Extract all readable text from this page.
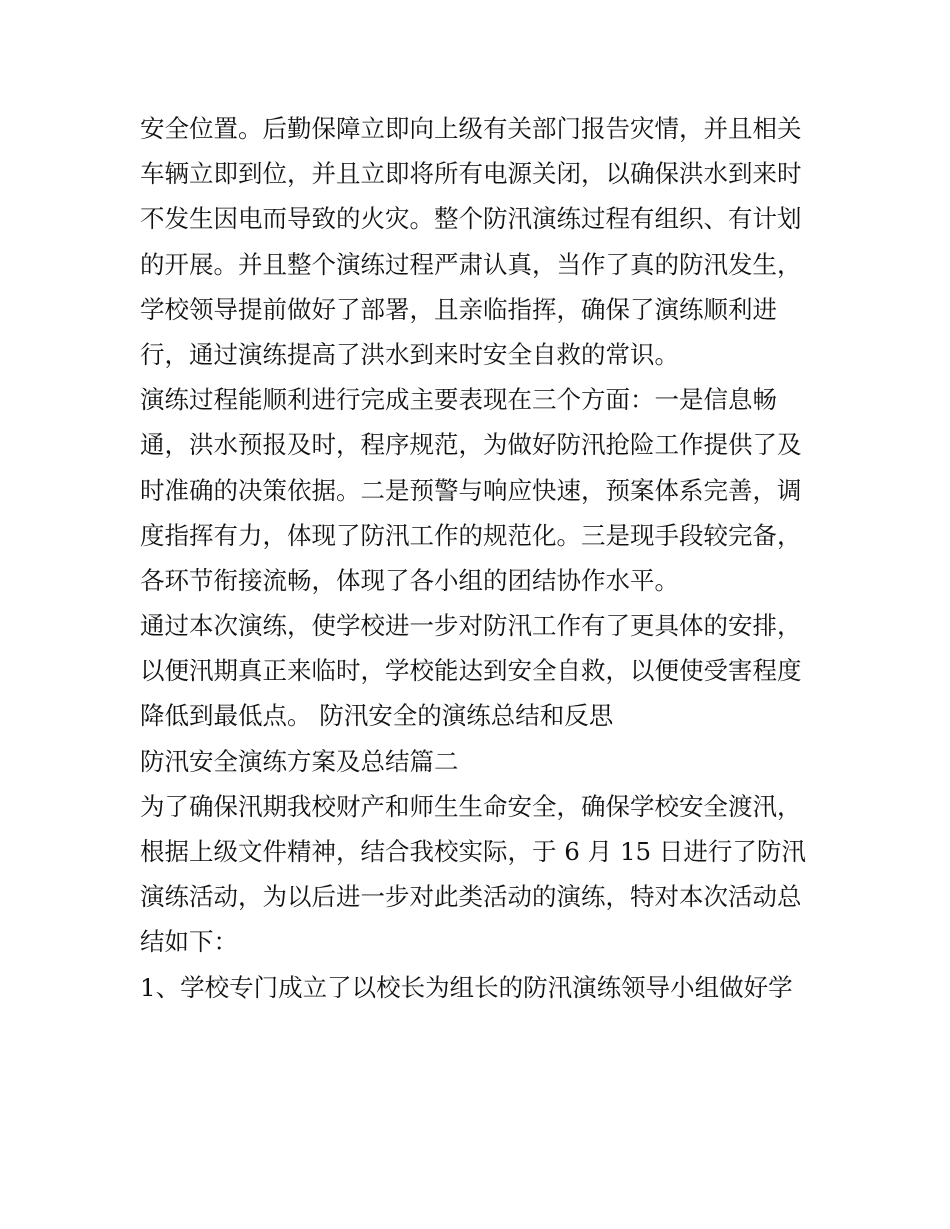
安全位置。后勤保障立即向上级有关部门报告灾情，并且相关
车辆立即到位，并且立即将所有电源关闭，以确保洪水到来时
不发生因电而导致的火灾。整个防汛演练过程有组织、有计划
的开展。并且整个演练过程严肃认真，当作了真的防汛发生，
学校领导提前做好了部署，且亲临指挥，确保了演练顺利进
行，通过演练提高了洪水到来时安全自救的常识。
演练过程能顺利进行完成主要表现在三个方面：一是信息畅
通，洪水预报及时，程序规范，为做好防汛抢险工作提供了及
时准确的决策依据。二是预警与响应快速，预案体系完善，调
度指挥有力，体现了防汛工作的规范化。三是现手段较完备，
各环节衔接流畅，体现了各小组的团结协作水平。
通过本次演练，使学校进一步对防汛工作有了更具体的安排，
以便汛期真正来临时，学校能达到安全自救，以便使受害程度
降低到最低点。 防汛安全的演练总结和反思
防汛安全演练方案及总结篇二
为了确保汛期我校财产和师生生命安全，确保学校安全渡汛，
根据上级文件精神，结合我校实际，于 6 月 15 日进行了防汛
演练活动，为以后进一步对此类活动的演练，特对本次活动总
结如下：
1、学校专门成立了以校长为组长的防汛演练领导小组做好学
